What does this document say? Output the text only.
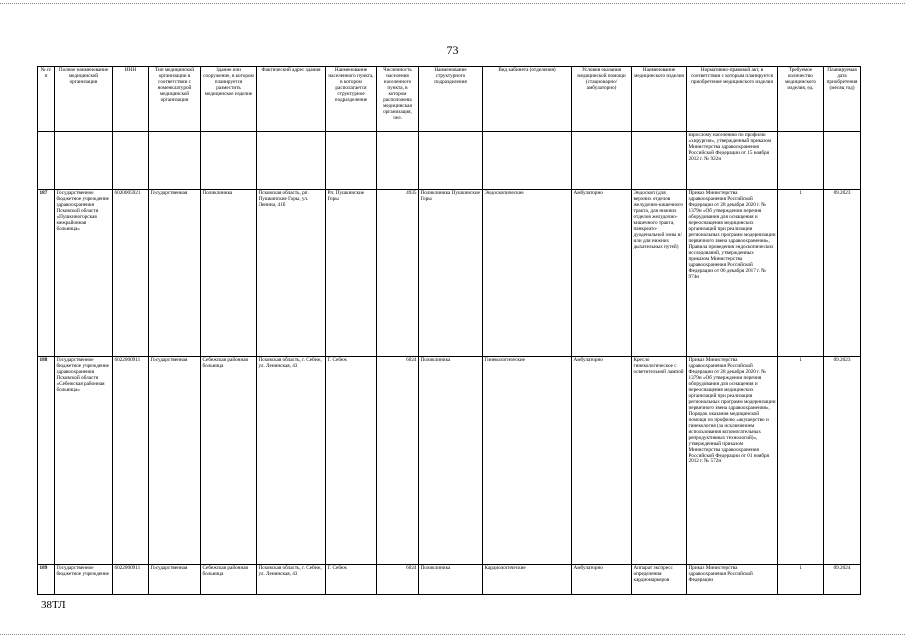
73
№ п/п	Полное наименование медицинской организации	ИНН	Тип медицинской организации в соответствии с номенклатурой медицинской организации	Здание или сооружение, в котором планируется разместить медицинское изделие	Фактический адрес здания	Наименование населенного пункта, в котором располагается структурное подразделение	Численность населения населенного пункта, в котором расположена медицинская организация, чел.	Наименование структурного подразделения	Вид кабинета (отделения)	Условия оказания медицинской помощи (стационарно/ амбулаторно)	Наименование медицинского изделия	Нормативно-правовой акт, в соответствии с которым планируется приобретение медицинского изделия	Требуемое количество медицинского изделия, ед.	Планируемая дата приобретения (месяц год)
												взрослому населению по профилю «хирургия», утвержденный приказом Министерства здравоохранения Российской Федерации от 15 ноября 2012 г. № 922н		
187	Государственное бюджетное учреждение здравоохранения Псковской области «Пушкиногорская межрайонная больница»	6020005921	Государственная	Поликлиника	Псковская область, рп. Пушкинские Горы, ул. Ленина, 41б	Рп. Пушкинские Горы	4935	Поликлиника Пушкинские Горы	Эндоскопические	Амбулаторно	Эндоскоп (для верхних отделов желудочно-кишечного тракта, для нижних отделов желудочно-кишечного тракта, панкреато-дуоденальной зоны и/или для нижних дыхательных путей)	Приказ Министерства здравоохранения Российской Федерации от 28 декабря 2020 г. № 1379н «Об утверждении перечня оборудования для оснащения и переоснащения медицинских организаций при реализации региональных программ модернизации первичного звена здравоохранения», Правила проведения эндоскопических исследований, утвержденных приказом Министерства здравоохранения Российской Федерации от 06 декабря 2017 г. № 974н	1	09.2023
188	Государственное бюджетное учреждение здравоохранения Псковской области «Себежская районная больница»	6022000911	Государственная	Себежская районная больница	Псковская область, г. Себеж, ул. Ленинская, 43	Г. Себеж	6024	Поликлиника	Гинекологические	Амбулаторно	Кресло гинекологическое с осветительной лампой	Приказ Министерства здравоохранения Российской Федерации от 28 декабря 2020 г. № 1379н «Об утверждении перечня оборудования для оснащения и переоснащения медицинских организаций при реализации региональных программ модернизации первичного звена здравоохранения», Порядок оказания медицинской помощи по профилю «акушерство и гинекология (за исключением использования вспомогательных репродуктивных технологий)», утвержденный приказом Министерства здравоохранения Российской Федерации от 01 ноября 2012 г. № 572н	1	09.2023
189	Государственное бюджетное учреждение	6022000911	Государственная	Себежская районная больница	Псковская область, г. Себеж, ул. Ленинская, 43	Г. Себеж	6024	Поликлиника	Кардиологические	Амбулаторно	Аппарат экспресс определения кардиомаркеров	Приказ Министерства здравоохранения Российской Федерации	1	09.2024
38ТЛ
